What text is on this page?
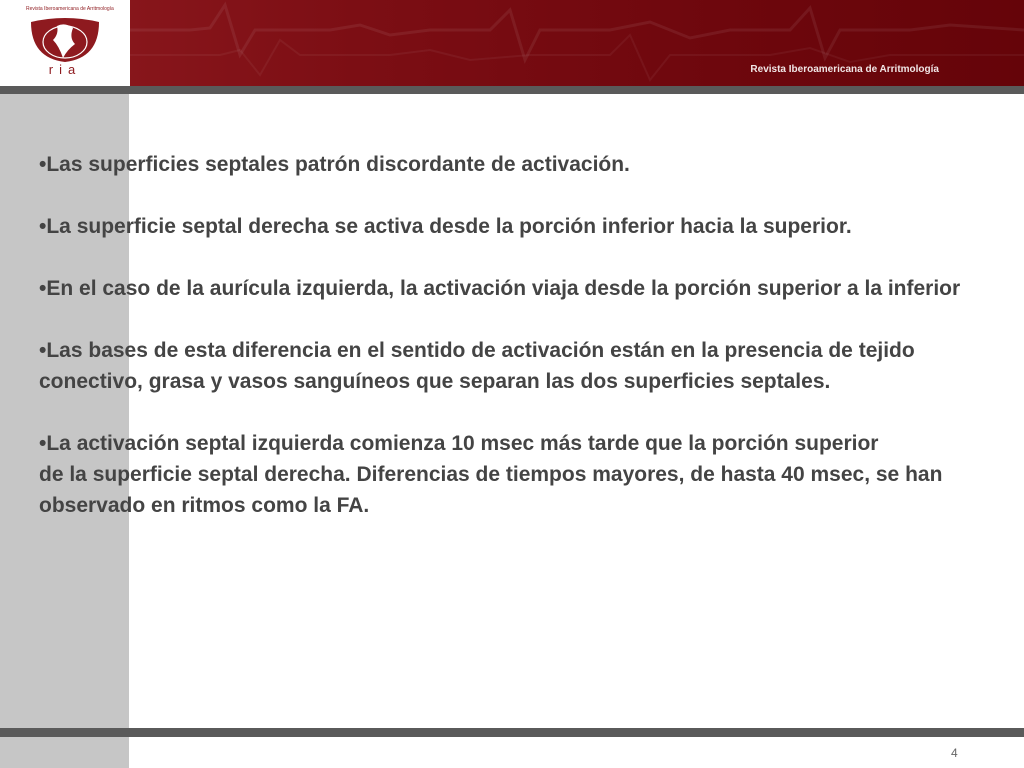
Revista Iberoamericana de Arritmología
ria	Revista Iberoamericana de Arritmología

•Las superficies septales patrón discordante de activación.

•La superficie septal derecha se activa desde la porción inferior hacia la superior.

•En el caso de la aurícula izquierda, la activación viaja desde la porción superior a la inferior

•Las bases de esta diferencia en el sentido de activación están en la presencia de tejido conectivo, grasa y vasos sanguíneos que separan las dos superficies septales.

•La activación septal izquierda comienza 10 msec más tarde que la porción superior
de la superficie septal derecha. Diferencias de tiempos mayores, de hasta 40 msec, se han observado en ritmos como la FA.

4
